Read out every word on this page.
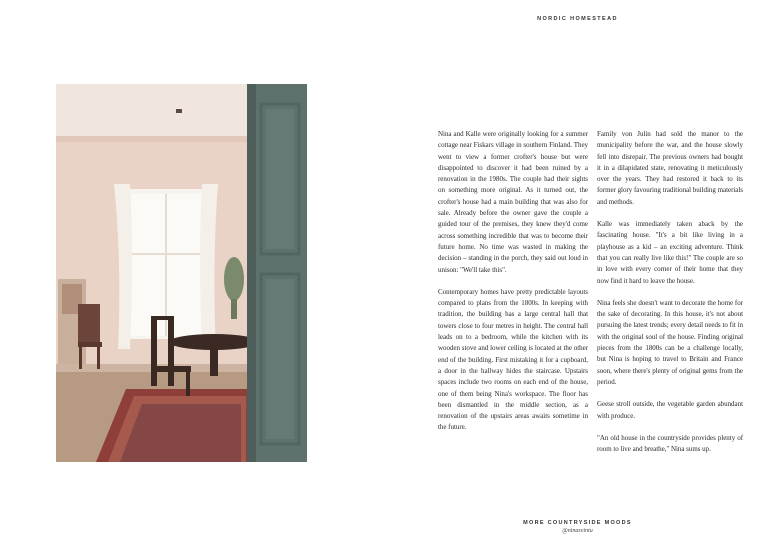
NORDIC HOMESTEAD

Nina and Kalle were originally looking for a summer cottage near Fiskars village in southern Finland. They went to view a former crofter's house but were disappointed to discover it had been ruined by a renovation in the 1980s. The couple had their sights on something more original. As it turned out, the crofter's house had a main building that was also for sale. Already before the owner gave the couple a guided tour of the premises, they knew they'd come across something incredible that was to become their future home. No time was wasted in making the decision – standing in the porch, they said out loud in unison: "We'll take this".

Contemporary homes have pretty predictable layouts compared to plans from the 1800s. In keeping with tradition, the building has a large central hall that towers close to four metres in height. The central hall leads on to a bedroom, while the kitchen with its wooden stove and lower ceiling is located at the other end of the building. First mistaking it for a cupboard, a door in the hallway hides the staircase. Upstairs spaces include two rooms on each end of the house, one of them being Nina's workspace. The floor has been dismantled in the middle section, as a renovation of the upstairs areas awaits sometime in the future.

Family von Julin had sold the manor to the municipality before the war, and the house slowly fell into disrepair. The previous owners had bought it in a dilapidated state, renovating it meticulously over the years. They had restored it back to its former glory favouring traditional building materials and methods.

Kalle was immediately taken aback by the fascinating house. "It's a bit like living in a playhouse as a kid – an exciting adventure. Think that you can really live like this!" The couple are so in love with every corner of their home that they now find it hard to leave the house.

Nina feels she doesn't want to decorate the home for the sake of decorating. In this house, it's not about pursuing the latest trends; every detail needs to fit in with the original soul of the house. Finding original pieces from the 1800s can be a challenge locally, but Nina is hoping to travel to Britain and France soon, where there's plenty of original gems from the period.

Geese stroll outside, the vegetable garden abundant with produce.

"An old house in the countryside provides plenty of room to live and breathe," Nina sums up.

MORE COUNTRYSIDE MOODS
@ninasvintu
